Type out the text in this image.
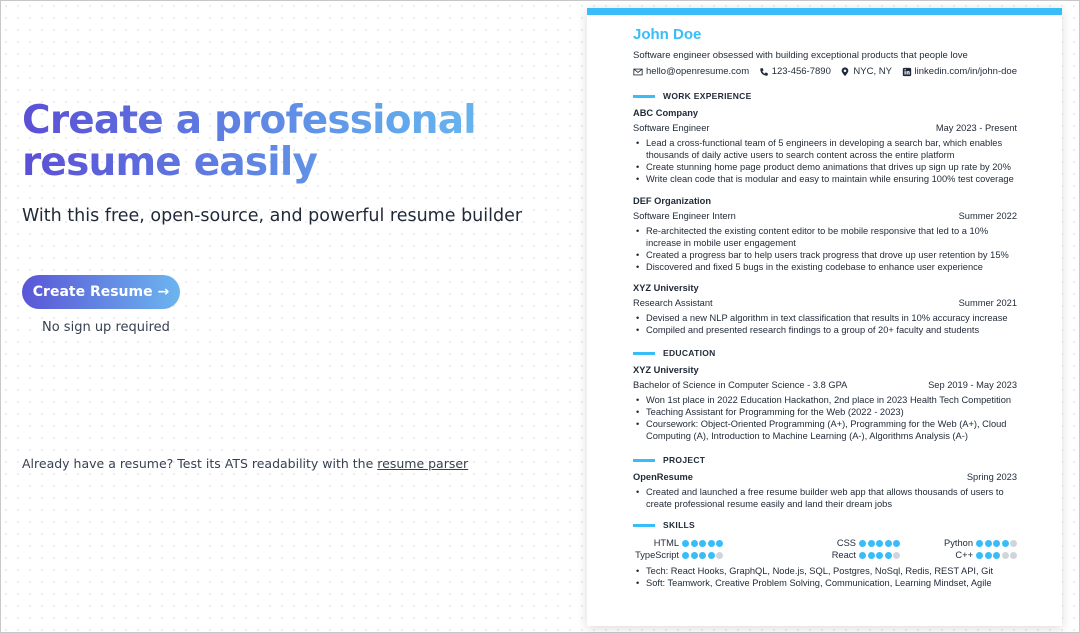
Create a professional
resume easily
With this free, open-source, and powerful resume builder
Create Resume →
No sign up required
Already have a resume? Test its ATS readability with the resume parser
John Doe
Software engineer obsessed with building exceptional products that people love
hello@openresume.com 123-456-7890 NYC, NY linkedin.com/in/john-doe
WORK EXPERIENCE
ABC Company
Software Engineer	May 2023 - Present
• Lead a cross-functional team of 5 engineers in developing a search bar, which enables thousands of daily active users to search content across the entire platform
• Create stunning home page product demo animations that drives up sign up rate by 20%
• Write clean code that is modular and easy to maintain while ensuring 100% test coverage
DEF Organization
Software Engineer Intern	Summer 2022
• Re-architected the existing content editor to be mobile responsive that led to a 10% increase in mobile user engagement
• Created a progress bar to help users track progress that drove up user retention by 15%
• Discovered and fixed 5 bugs in the existing codebase to enhance user experience
XYZ University
Research Assistant	Summer 2021
• Devised a new NLP algorithm in text classification that results in 10% accuracy increase
• Compiled and presented research findings to a group of 20+ faculty and students
EDUCATION
XYZ University
Bachelor of Science in Computer Science - 3.8 GPA	Sep 2019 - May 2023
• Won 1st place in 2022 Education Hackathon, 2nd place in 2023 Health Tech Competition
• Teaching Assistant for Programming for the Web (2022 - 2023)
• Coursework: Object-Oriented Programming (A+), Programming for the Web (A+), Cloud Computing (A), Introduction to Machine Learning (A-), Algorithms Analysis (A-)
PROJECT
OpenResume	Spring 2023
• Created and launched a free resume builder web app that allows thousands of users to create professional resume easily and land their dream jobs
SKILLS
HTML	CSS	Python
TypeScript	React	C++
• Tech: React Hooks, GraphQL, Node.js, SQL, Postgres, NoSql, Redis, REST API, Git
• Soft: Teamwork, Creative Problem Solving, Communication, Learning Mindset, Agile
